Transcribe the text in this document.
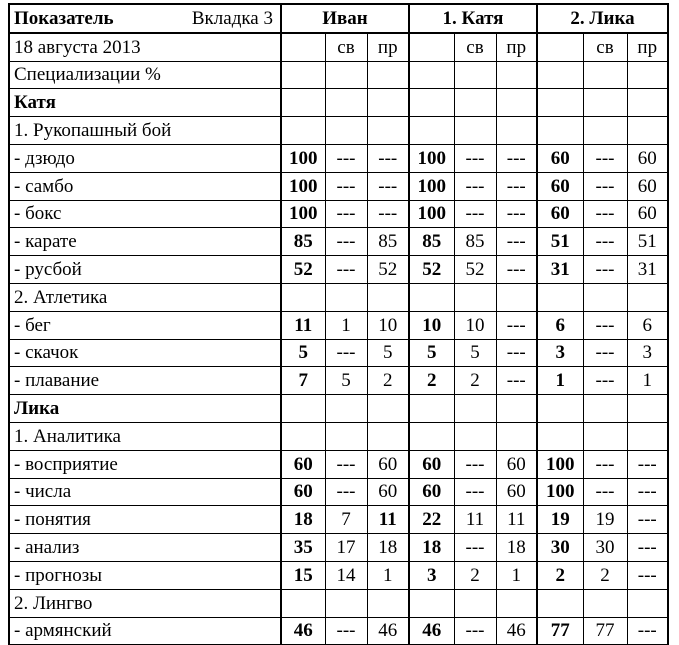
Показатель Вкладка 3	Иван			1. Катя			2. Лика		
18 августа 2013		св	пр		св	пр		св	пр
Специализации %									
Катя									
1. Рукопашный бой									
- дзюдо	100	---	---	100	---	---	60	---	60
- самбо	100	---	---	100	---	---	60	---	60
- бокс	100	---	---	100	---	---	60	---	60
- карате	85	---	85	85	85	---	51	---	51
- русбой	52	---	52	52	52	---	31	---	31
2. Атлетика									
- бег	11	1	10	10	10	---	6	---	6
- скачок	5	---	5	5	5	---	3	---	3
- плавание	7	5	2	2	2	---	1	---	1
Лика									
1. Аналитика									
- восприятие	60	---	60	60	---	60	100	---	---
- числа	60	---	60	60	---	60	100	---	---
- понятия	18	7	11	22	11	11	19	19	---
- анализ	35	17	18	18	---	18	30	30	---
- прогнозы	15	14	1	3	2	1	2	2	---
2. Лингво									
- армянский	46	---	46	46	---	46	77	77	---
